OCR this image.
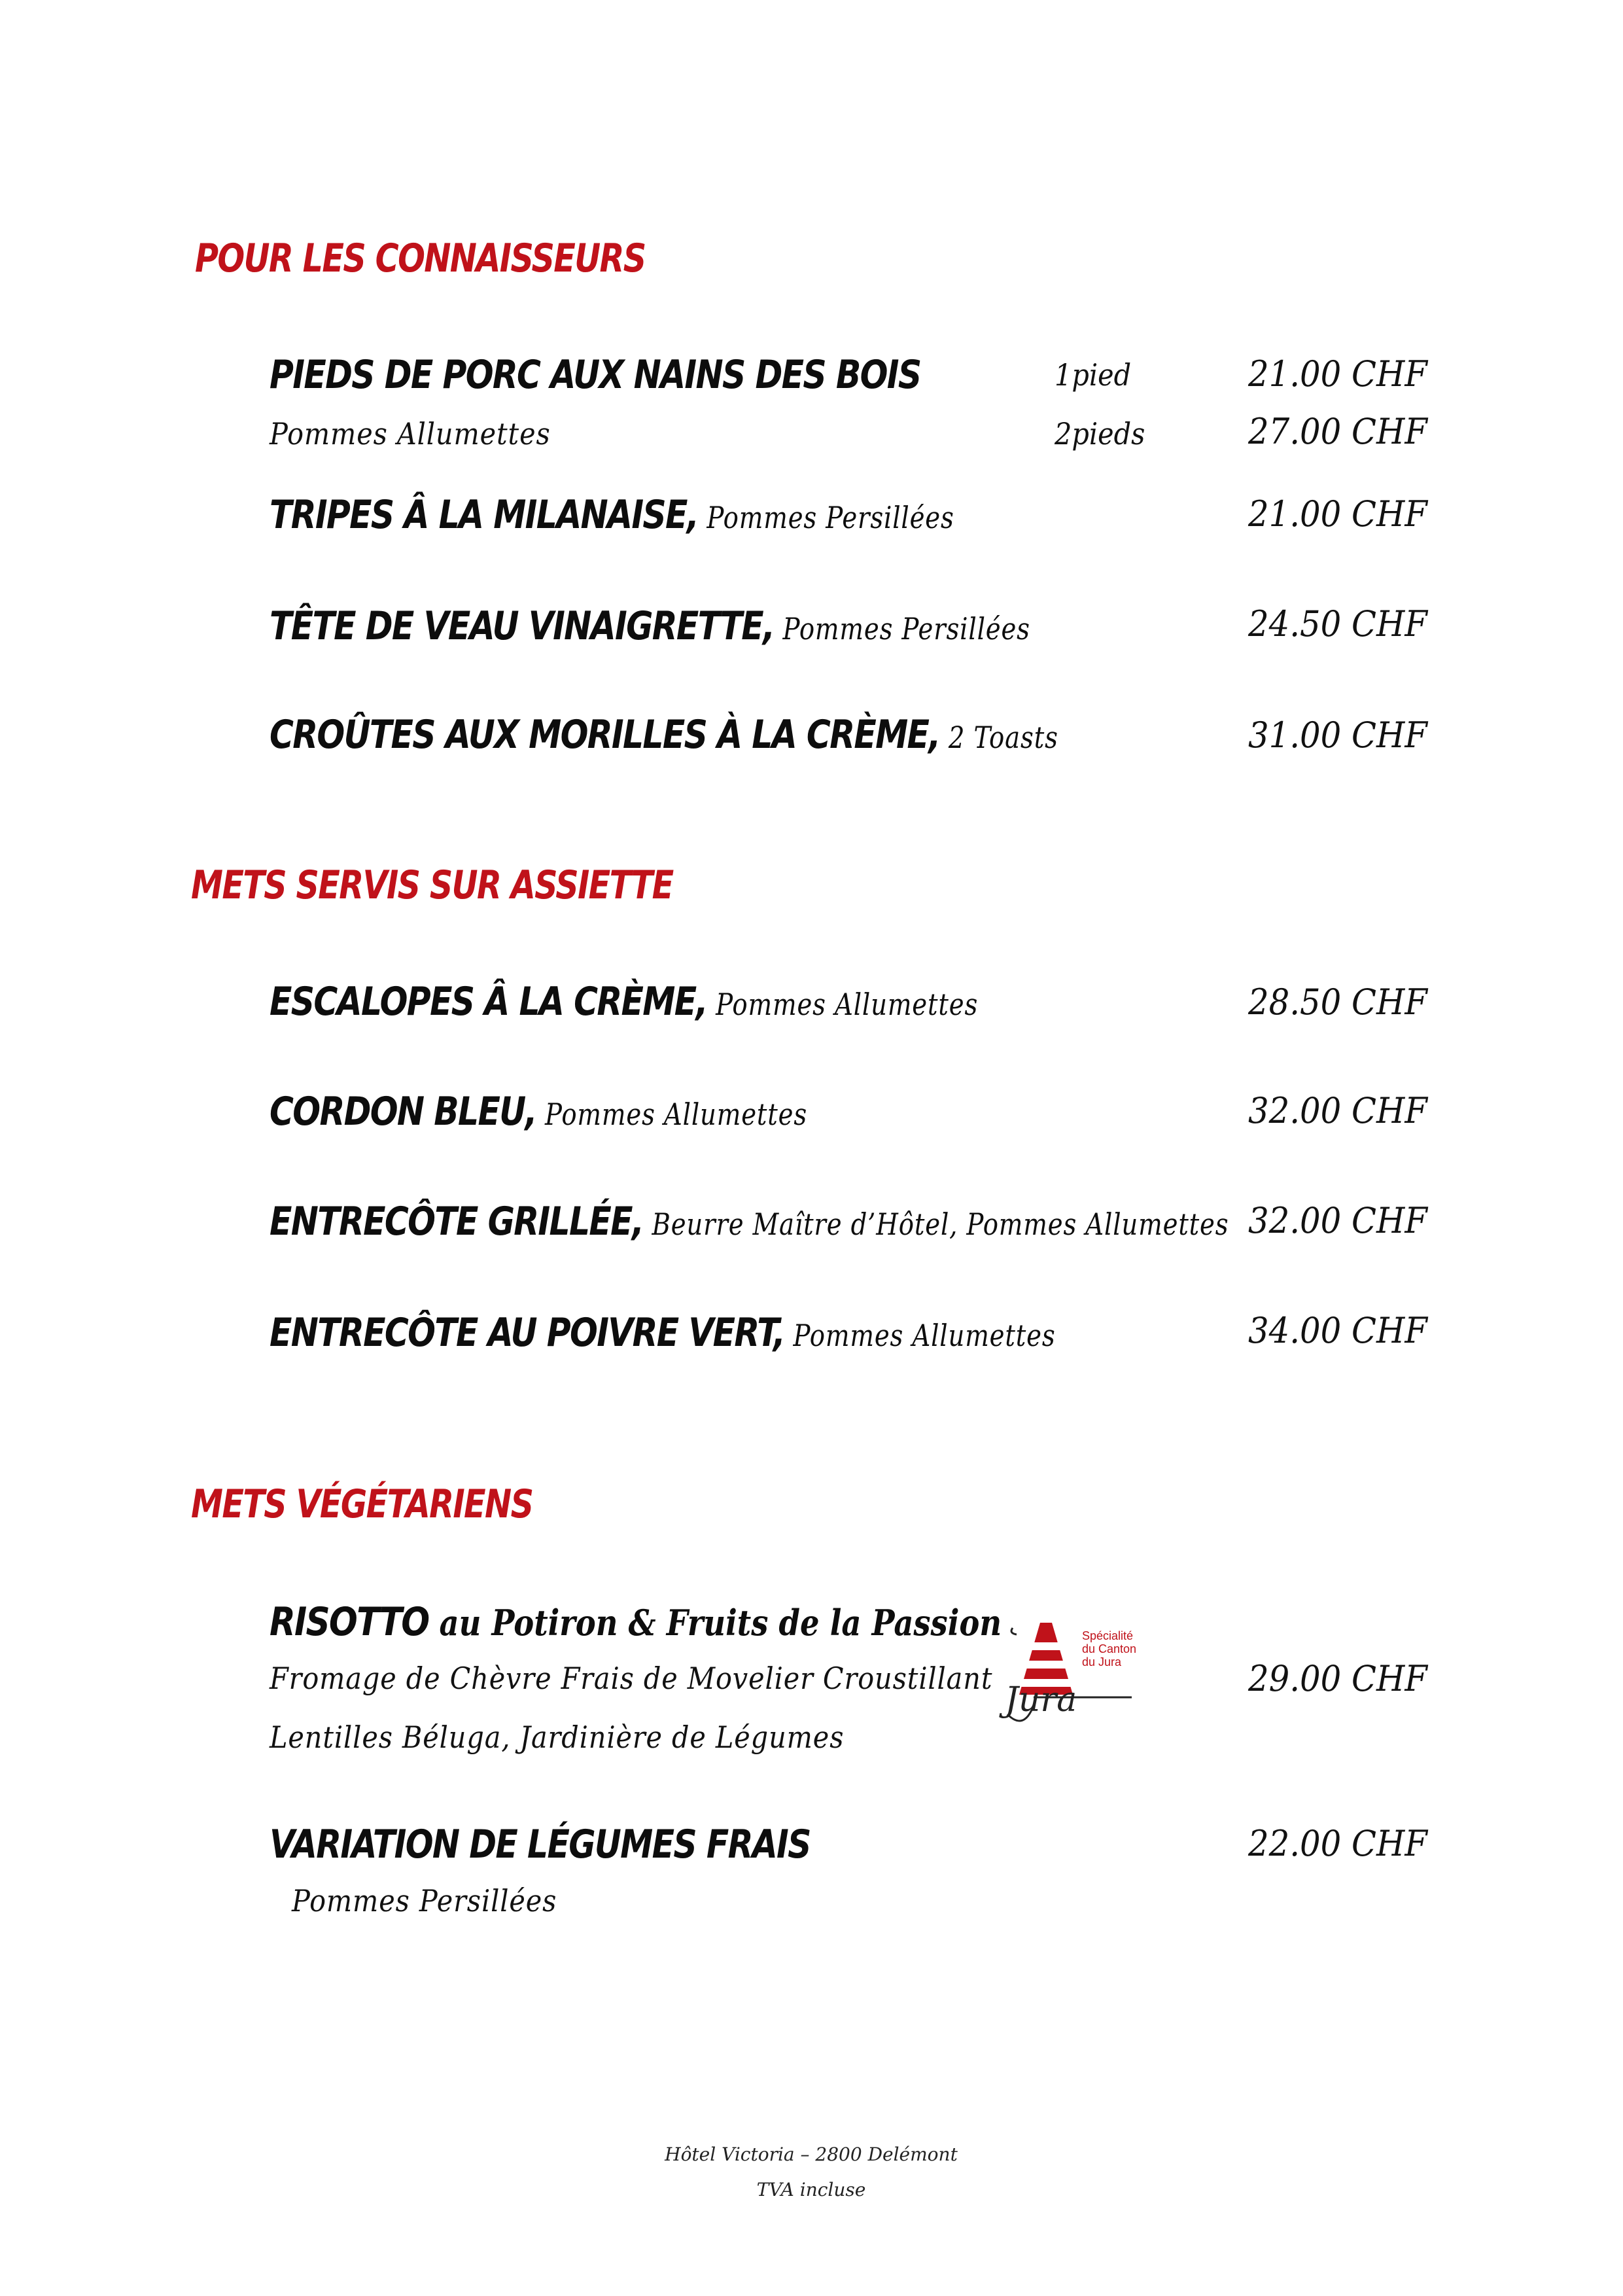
POUR LES CONNAISSEURS
PIEDS DE PORC AUX NAINS DES BOIS	1pied	21.00 CHF
Pommes Allumettes	2pieds	27.00 CHF
TRIPES Â LA MILANAISE, Pommes Persillées	21.00 CHF
TÊTE DE VEAU VINAIGRETTE, Pommes Persillées	24.50 CHF
CROÛTES AUX MORILLES À LA CRÈME, 2 Toasts	31.00 CHF
METS SERVIS SUR ASSIETTE
ESCALOPES Â LA CRÈME, Pommes Allumettes	28.50 CHF
CORDON BLEU, Pommes Allumettes	32.00 CHF
ENTRECÔTE GRILLÉE, Beurre Maître d’Hôtel, Pommes Allumettes 32.00 CHF
ENTRECÔTE AU POIVRE VERT, Pommes Allumettes	34.00 CHF
METS VÉGÉTARIENS
RISOTTO au Potiron & Fruits de la Passion
Fromage de Chèvre Frais de Movelier Croustillant
Lentilles Béluga, Jardinière de Légumes
29.00 CHF
Jura
Spécialité
du Canton
du Jura
VARIATION DE LÉGUMES FRAIS	22.00 CHF
Pommes Persillées
Hôtel Victoria – 2800 Delémont
TVA incluse
